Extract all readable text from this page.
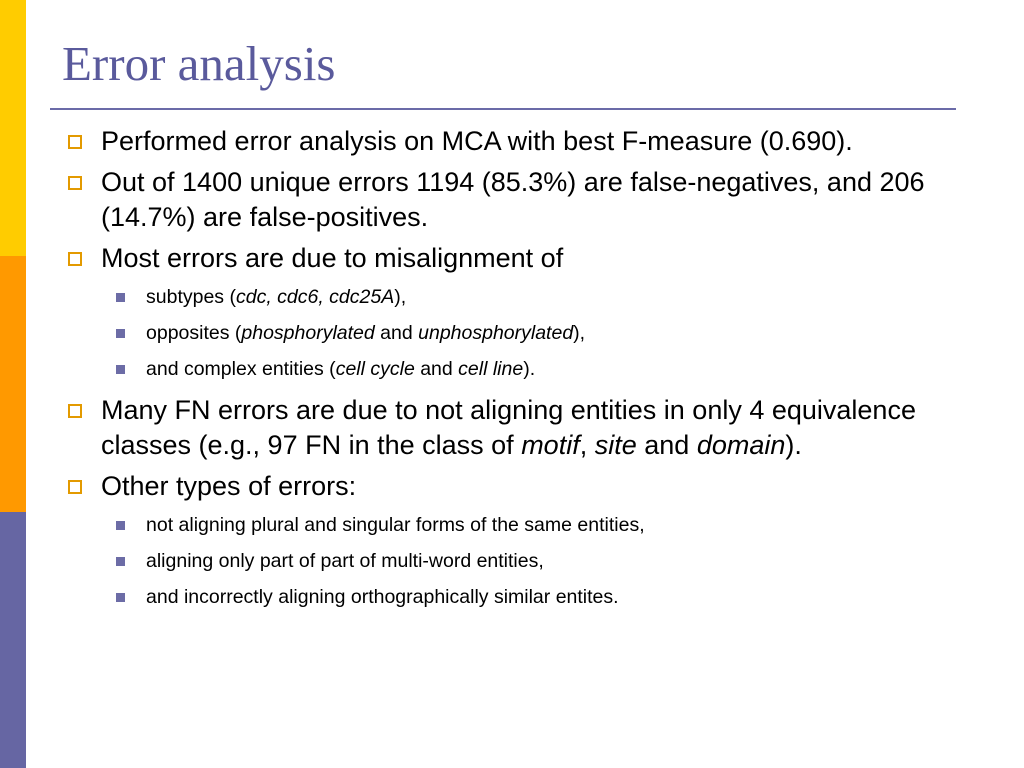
Error analysis
Performed error analysis on MCA with best F-measure (0.690).
Out of 1400 unique errors 1194 (85.3%) are false-negatives, and 206 (14.7%) are false-positives.
Most errors are due to misalignment of
subtypes (cdc, cdc6, cdc25A),
opposites (phosphorylated and unphosphorylated),
and complex entities (cell cycle and cell line).
Many FN errors are due to not aligning entities in only 4 equivalence classes (e.g., 97 FN in the class of motif, site and domain).
Other types of errors:
not aligning plural and singular forms of the same entities,
aligning only part of part of multi-word entities,
and incorrectly aligning orthographically similar entites.
